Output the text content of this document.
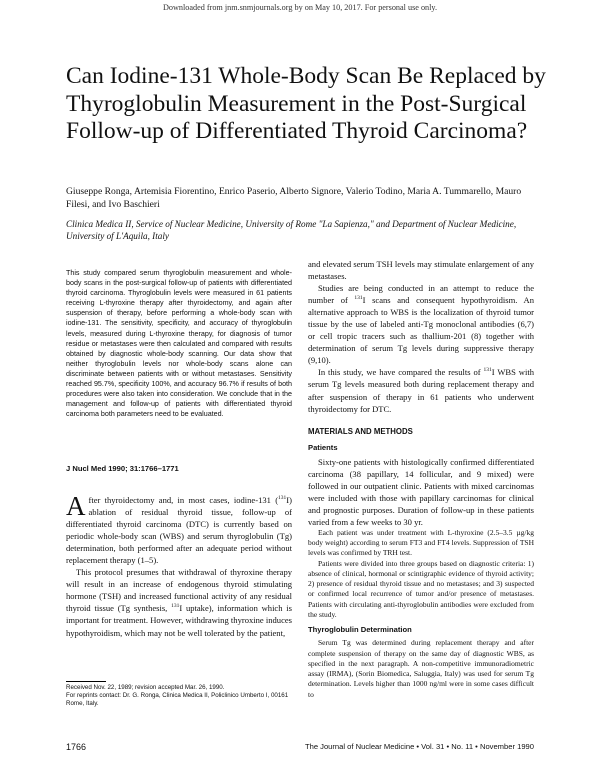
Downloaded from jnm.snmjournals.org by on May 10, 2017. For personal use only.
Can Iodine-131 Whole-Body Scan Be Replaced by Thyroglobulin Measurement in the Post-Surgical Follow-up of Differentiated Thyroid Carcinoma?
Giuseppe Ronga, Artemisia Fiorentino, Enrico Paserio, Alberto Signore, Valerio Todino, Maria A. Tummarello, Mauro Filesi, and Ivo Baschieri
Clinica Medica II, Service of Nuclear Medicine, University of Rome "La Sapienza," and Department of Nuclear Medicine, University of L'Aquila, Italy
This study compared serum thyroglobulin measurement and whole-body scans in the post-surgical follow-up of patients with differentiated thyroid carcinoma. Thyroglobulin levels were measured in 61 patients receiving L-thyroxine therapy after thyroidectomy, and again after suspension of therapy, before performing a whole-body scan with iodine-131. The sensitivity, specificity, and accuracy of thyroglobulin levels, measured during L-thyroxine therapy, for diagnosis of tumor residue or metastases were then calculated and compared with results obtained by diagnostic whole-body scanning. Our data show that neither thyroglobulin levels nor whole-body scans alone can discriminate between patients with or without metastases. Sensitivity reached 95.7%, specificity 100%, and accuracy 96.7% if results of both procedures were also taken into consideration. We conclude that in the management and follow-up of patients with differentiated thyroid carcinoma both parameters need to be evaluated.
J Nucl Med 1990; 31:1766–1771

After thyroidectomy and, in most cases, iodine-131 ($^{131}$I) ablation of residual thyroid tissue, follow-up of differentiated thyroid carcinoma (DTC) is currently based on periodic whole-body scan (WBS) and serum thyroglobulin (Tg) determination, both performed after an adequate period without replacement therapy (1–5).

This protocol presumes that withdrawal of thyroxine therapy will result in an increase of endogenous thyroid stimulating hormone (TSH) and increased functional activity of any residual thyroid tissue (Tg synthesis, $^{131}$I uptake), information which is important for treatment. However, withdrawing thyroxine induces hypothyroidism, which may not be well tolerated by the patient,

Received Nov. 22, 1989; revision accepted Mar. 26, 1990.
For reprints contact: Dr. G. Ronga, Clinica Medica II, Policlinico Umberto I, 00161 Rome, Italy.

and elevated serum TSH levels may stimulate enlargement of any metastases.

Studies are being conducted in an attempt to reduce the number of $^{131}$I scans and consequent hypothyroidism. An alternative approach to WBS is the localization of thyroid tumor tissue by the use of labeled anti-Tg monoclonal antibodies (6,7) or cell tropic tracers such as thallium-201 (8) together with determination of serum Tg levels during suppressive therapy (9,10).

In this study, we have compared the results of $^{131}$I WBS with serum Tg levels measured both during replacement therapy and after suspension of therapy in 61 patients who underwent thyroidectomy for DTC.

MATERIALS AND METHODS
Patients

Sixty-one patients with histologically confirmed differentiated carcinoma (38 papillary, 14 follicular, and 9 mixed) were followed in our outpatient clinic. Patients with mixed carcinomas were included with those with papillary carcinomas for clinical and prognostic purposes. Duration of follow-up in these patients varied from a few weeks to 30 yr.

Each patient was under treatment with L-thyroxine (2.5–3.5 µg/kg body weight) according to serum FT3 and FT4 levels. Suppression of TSH levels was confirmed by TRH test.

Patients were divided into three groups based on diagnostic criteria: 1) absence of clinical, hormonal or scintigraphic evidence of thyroid activity; 2) presence of residual thyroid tissue and no metastases; and 3) suspected or confirmed local recurrence of tumor and/or presence of metastases. Patients with circulating anti-thyroglobulin antibodies were excluded from the study.

Thyroglobulin Determination

Serum Tg was determined during replacement therapy and after complete suspension of therapy on the same day of diagnostic WBS, as specified in the next paragraph. A non-competitive immunoradiometric assay (IRMA), (Sorin Biomedica, Saluggia, Italy) was used for serum Tg determination. Levels higher than 1000 ng/ml were in some cases difficult to

1766	The Journal of Nuclear Medicine • Vol. 31 • No. 11 • November 1990
